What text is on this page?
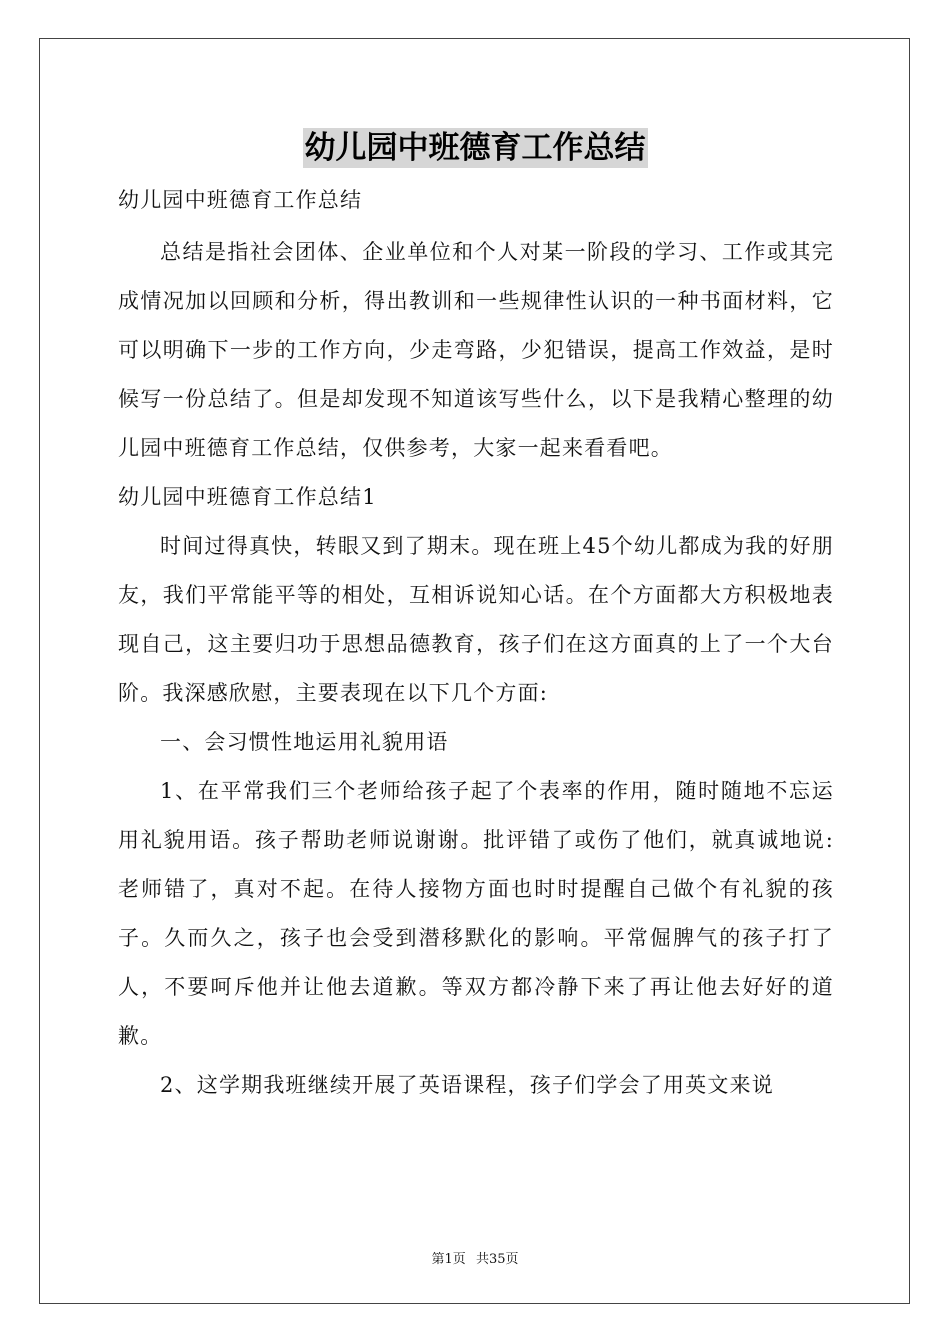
幼儿园中班德育工作总结

幼儿园中班德育工作总结

总结是指社会团体、企业单位和个人对某一阶段的学习、工作或其完成情况加以回顾和分析，得出教训和一些规律性认识的一种书面材料，它可以明确下一步的工作方向，少走弯路，少犯错误，提高工作效益，是时候写一份总结了。但是却发现不知道该写些什么，以下是我精心整理的幼儿园中班德育工作总结，仅供参考，大家一起来看看吧。

幼儿园中班德育工作总结1

时间过得真快，转眼又到了期末。现在班上45个幼儿都成为我的好朋友，我们平常能平等的相处，互相诉说知心话。在个方面都大方积极地表现自己，这主要归功于思想品德教育，孩子们在这方面真的上了一个大台阶。我深感欣慰，主要表现在以下几个方面:

一、会习惯性地运用礼貌用语

1、在平常我们三个老师给孩子起了个表率的作用，随时随地不忘运用礼貌用语。孩子帮助老师说谢谢。批评错了或伤了他们，就真诚地说:老师错了，真对不起。在待人接物方面也时时提醒自己做个有礼貌的孩子。久而久之，孩子也会受到潜移默化的影响。平常倔脾气的孩子打了人，不要呵斥他并让他去道歉。等双方都冷静下来了再让他去好好的道歉。

2、这学期我班继续开展了英语课程，孩子们学会了用英文来说

第1页 共35页
